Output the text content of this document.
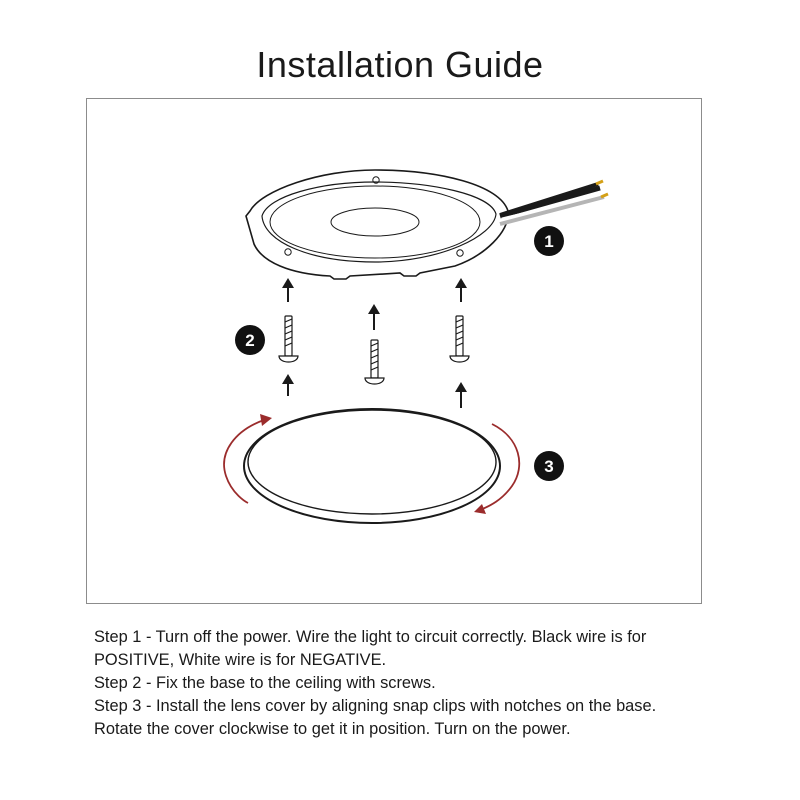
Installation Guide
1
2
3

Step 1 - Turn off the power. Wire the light to circuit correctly. Black wire is for

POSITIVE, White wire is for NEGATIVE.

Step 2 - Fix the base to the ceiling with screws.

Step 3 - Install the lens cover by aligning snap clips with notches on the base.

Rotate the cover clockwise to get it in position. Turn on the power.
